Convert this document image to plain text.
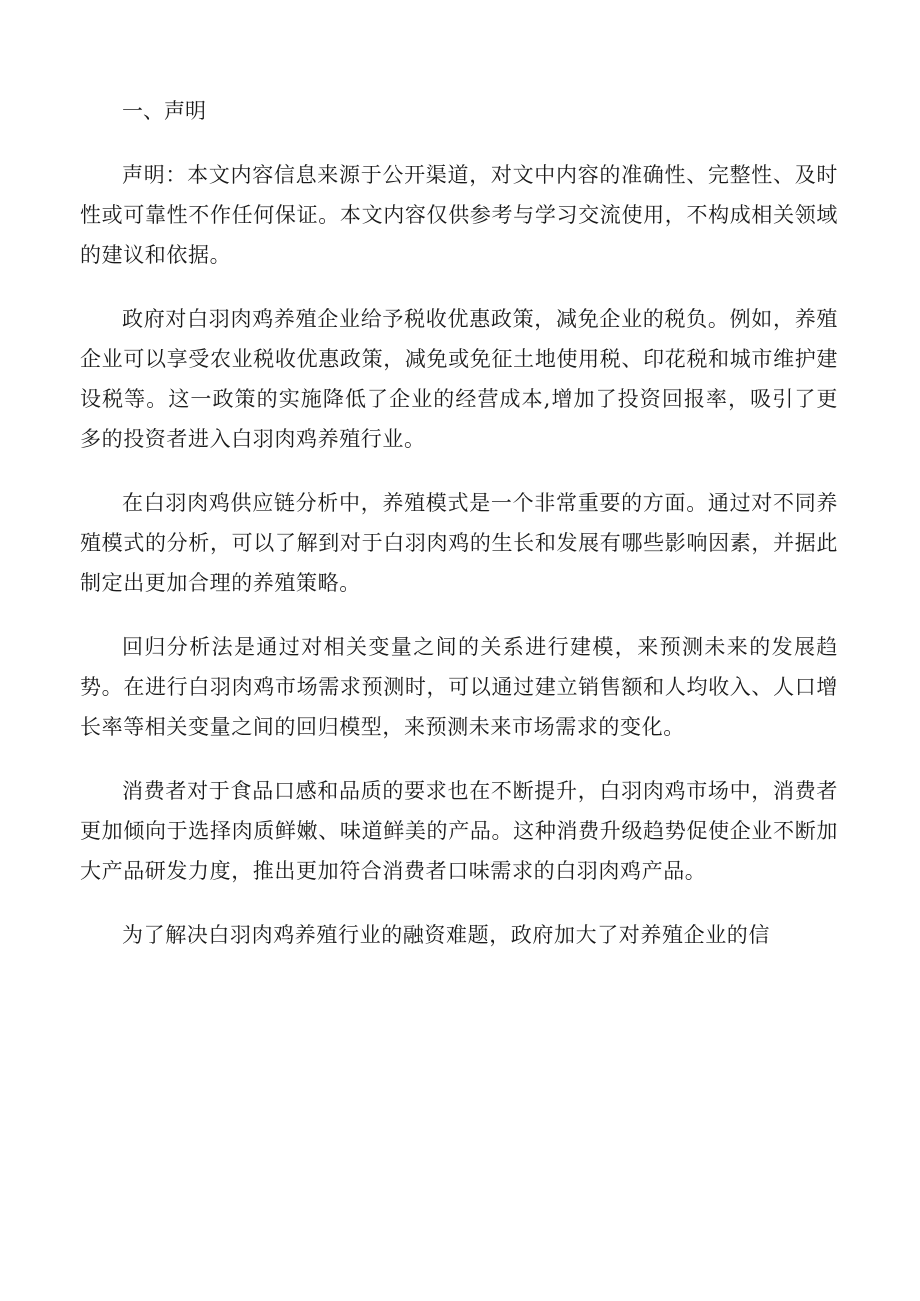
一、声明

声明：本文内容信息来源于公开渠道，对文中内容的准确性、完整性、及时性或可靠性不作任何保证。本文内容仅供参考与学习交流使用，不构成相关领域的建议和依据。

政府对白羽肉鸡养殖企业给予税收优惠政策，减免企业的税负。例如，养殖企业可以享受农业税收优惠政策，减免或免征土地使用税、印花税和城市维护建设税等。这一政策的实施降低了企业的经营成本,增加了投资回报率，吸引了更多的投资者进入白羽肉鸡养殖行业。

在白羽肉鸡供应链分析中，养殖模式是一个非常重要的方面。通过对不同养殖模式的分析，可以了解到对于白羽肉鸡的生长和发展有哪些影响因素，并据此制定出更加合理的养殖策略。

回归分析法是通过对相关变量之间的关系进行建模，来预测未来的发展趋势。在进行白羽肉鸡市场需求预测时，可以通过建立销售额和人均收入、人口增长率等相关变量之间的回归模型，来预测未来市场需求的变化。

消费者对于食品口感和品质的要求也在不断提升，白羽肉鸡市场中，消费者更加倾向于选择肉质鲜嫩、味道鲜美的产品。这种消费升级趋势促使企业不断加大产品研发力度，推出更加符合消费者口味需求的白羽肉鸡产品。

为了解决白羽肉鸡养殖行业的融资难题，政府加大了对养殖企业的信
